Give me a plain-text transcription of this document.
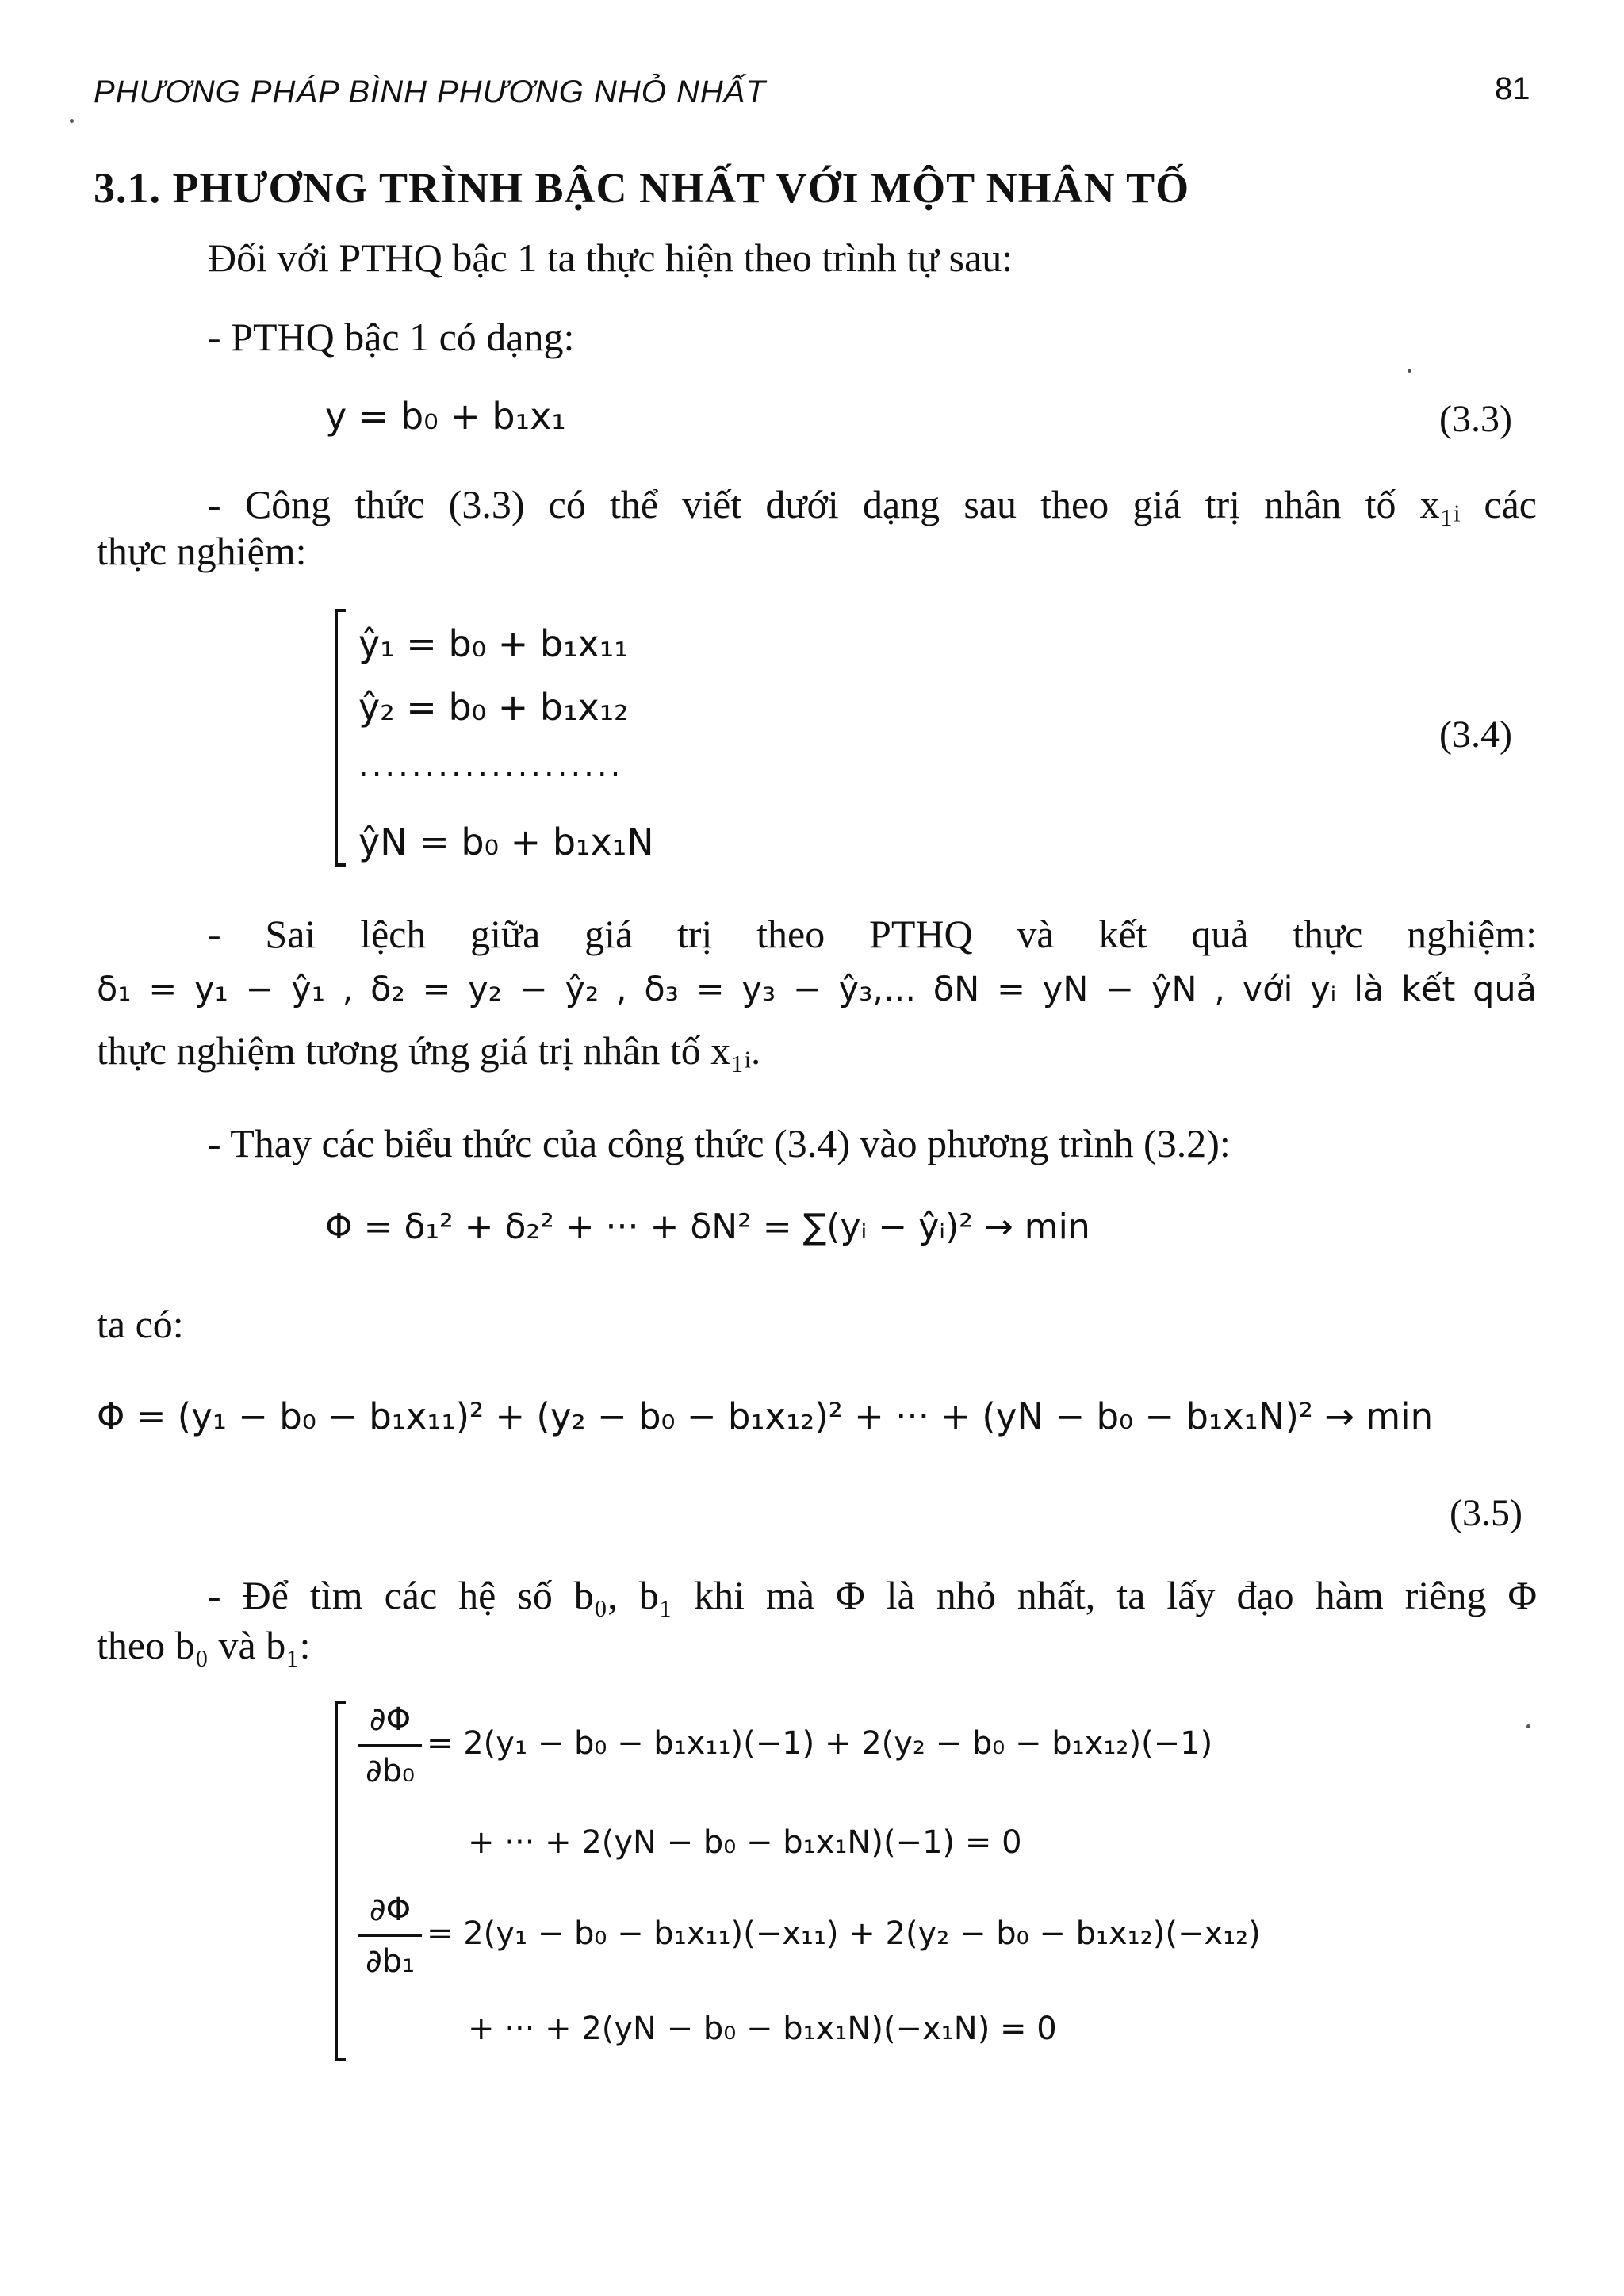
PHƯƠNG PHÁP BÌNH PHƯƠNG NHỎ NHẤT	81
3.1. PHƯƠNG TRÌNH BẬC NHẤT VỚI MỘT NHÂN TỐ
Đối với PTHQ bậc 1 ta thực hiện theo trình tự sau:
- PTHQ bậc 1 có dạng:
y = b₀ + b₁x₁	(3.3)
- Công thức (3.3) có thể viết dưới dạng sau theo giá trị nhân tố x₁ᵢ các
thực nghiệm:
ŷ₁ = b₀ + b₁x₁₁
ŷ₂ = b₀ + b₁x₁₂
....................
ŷN = b₀ + b₁x₁N
(3.4)
- Sai lệch giữa giá trị theo PTHQ và kết quả thực nghiệm:
δ₁ = y₁ − ŷ₁ , δ₂ = y₂ − ŷ₂ , δ₃ = y₃ − ŷ₃,... δN = yN − ŷN , với yᵢ là kết quả
thực nghiệm tương ứng giá trị nhân tố x₁ᵢ.
- Thay các biểu thức của công thức (3.4) vào phương trình (3.2):
Φ = δ₁² + δ₂² + ··· + δN² = ∑(yᵢ − ŷᵢ)² → min
ta có:
Φ = (y₁ − b₀ − b₁x₁₁)² + (y₂ − b₀ − b₁x₁₂)² + ··· + (yN − b₀ − b₁x₁N)² → min
(3.5)
- Để tìm các hệ số b₀, b₁ khi mà Φ là nhỏ nhất, ta lấy đạo hàm riêng Φ
theo b₀ và b₁:
∂Φ
∂b₀
= 2(y₁ − b₀ − b₁x₁₁)(−1) + 2(y₂ − b₀ − b₁x₁₂)(−1)
+ ··· + 2(yN − b₀ − b₁x₁N)(−1) = 0
∂Φ
∂b₁
= 2(y₁ − b₀ − b₁x₁₁)(−x₁₁) + 2(y₂ − b₀ − b₁x₁₂)(−x₁₂)
+ ··· + 2(yN − b₀ − b₁x₁N)(−x₁N) = 0
